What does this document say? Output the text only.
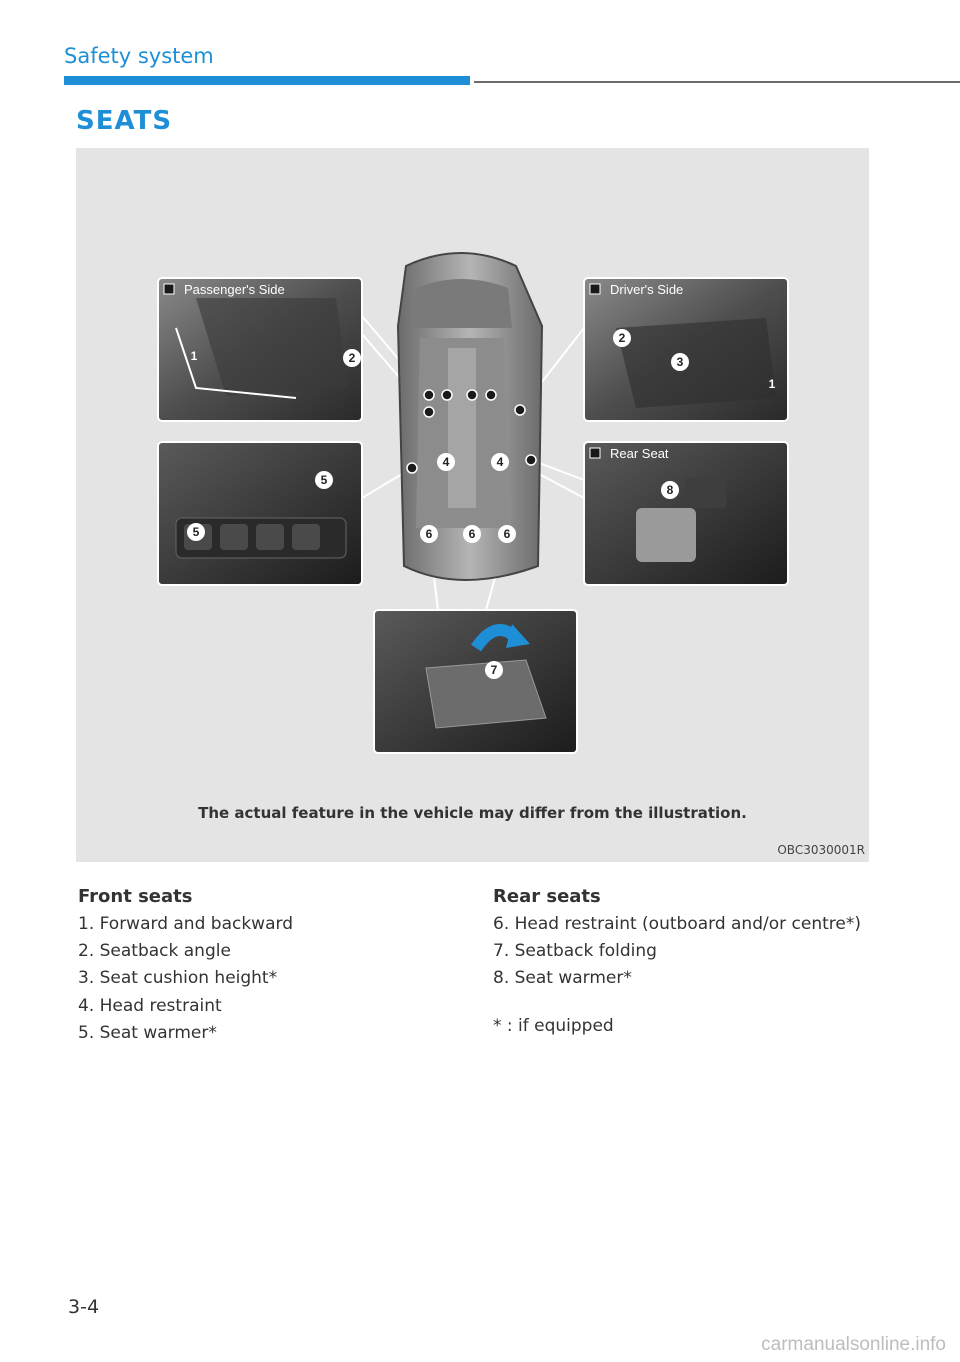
Safety system
SEATS
Passenger's Side	Driver's Side
Rear Seat
1	2
2
3
1
4	4
5
5	6	6 6
7
8
The actual feature in the vehicle may differ from the illustration.
OBC3030001R
Front seats
1. Forward and backward
2. Seatback angle
3. Seat cushion height*
4. Head restraint
5. Seat warmer*
Rear seats
6. Head restraint (outboard and/or centre*)
7. Seatback folding
8. Seat warmer*
* : if equipped
3-4
carmanualsonline.info
